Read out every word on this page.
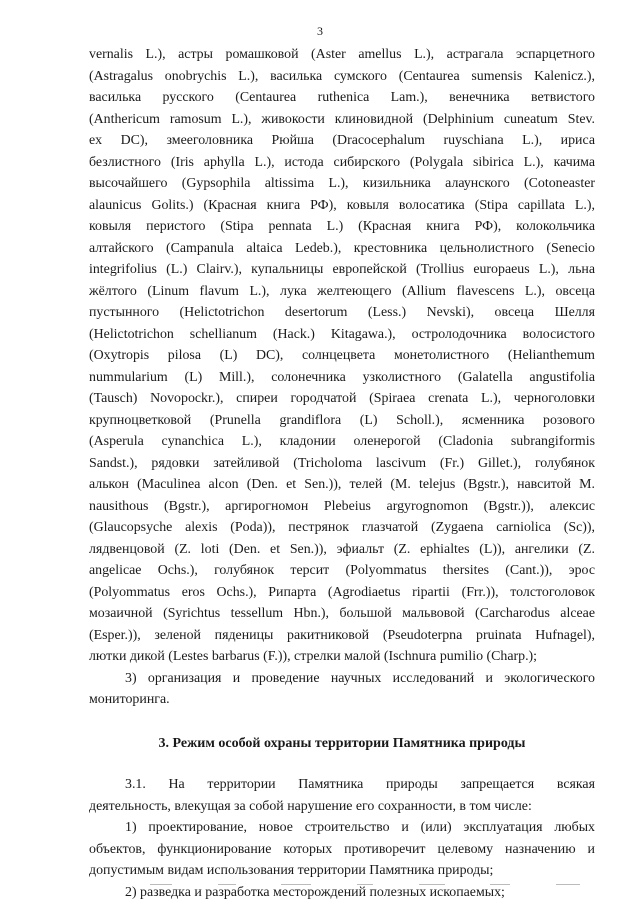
3

vernalis L.), астры ромашковой (Aster amellus L.), астрагала эспарцетного

(Astragalus onobrychis L.), василька сумского (Centaurea sumensis Kalenicz.),

василька русского (Centaurea ruthenica Lam.), венечника ветвистого

(Anthericum ramosum L.), живокости клиновидной (Delphinium cuneatum Stev.

ex DC), змееголовника Рюйша (Dracocephalum ruyschiana L.), ириса

безлистного (Iris aphylla L.), истода сибирского (Polygala sibirica L.), качима

высочайшего (Gypsophila altissima L.), кизильника алаунского (Cotoneaster

alaunicus Golits.) (Красная книга РФ), ковыля волосатика (Stipa capillata L.),

ковыля перистого (Stipa pennata L.) (Красная книга РФ), колокольчика

алтайского (Campanula altaica Ledeb.), крестовника цельнолистного (Senecio

integrifolius (L.) Clairv.), купальницы европейской (Trollius europaeus L.), льна

жёлтого (Linum flavum L.), лука желтеющего (Allium flavescens L.), овсеца

пустынного (Helictotrichon desertorum (Less.) Nevski), овсеца Шелля

(Helictotrichon schellianum (Hack.) Kitagawa.), остролодочника волосистого

(Oxytropis pilosa (L) DC), солнцецвета монетолистного (Helianthemum

nummularium (L) Mill.), солонечника узколистного (Galatella angustifolia

(Tausch) Novopockr.), спиреи городчатой (Spiraea crenata L.), черноголовки

крупноцветковой (Prunella grandiflora (L) Scholl.), ясменника розового

(Asperula cynanchica L.), кладонии оленерогой (Cladonia subrangiformis

Sandst.), рядовки затейливой (Tricholoma lascivum (Fr.) Gillet.), голубянок

алькон (Maculinea alcon (Den. et Sen.)), телей (M. telejus (Bgstr.), навситой M.

nausithous (Bgstr.), аргирогномон Plebeius argyrognomon (Bgstr.)), алексис

(Glaucopsyche alexis (Poda)), пестрянок глазчатой (Zygaena carniolica (Sc)),

лядвенцовой (Z. loti (Den. et Sen.)), эфиальт (Z. ephialtes (L)), ангелики (Z.

angelicae Ochs.), голубянок терсит (Polyommatus thersites (Cant.)), эрос

(Polyommatus eros Ochs.), Рипарта (Agrodiaetus ripartii (Frr.)), толстоголовок

мозаичной (Syrichtus tessellum Hbn.), большой мальвовой (Carcharodus alceae

(Esper.)), зеленой пяденицы ракитниковой (Pseudoterpna pruinata Hufnagel),

лютки дикой (Lestes barbarus (F.)), стрелки малой (Ischnura pumilio (Charp.);

3) организация и проведение научных исследований и экологического

мониторинга.

3. Режим особой охраны территории Памятника природы

3.1. На территории Памятника природы запрещается всякая

деятельность, влекущая за собой нарушение его сохранности, в том числе:

1) проектирование, новое строительство и (или) эксплуатация любых

объектов, функционирование которых противоречит целевому назначению и

допустимым видам использования территории Памятника природы;

2) разведка и разработка месторождений полезных ископаемых;
